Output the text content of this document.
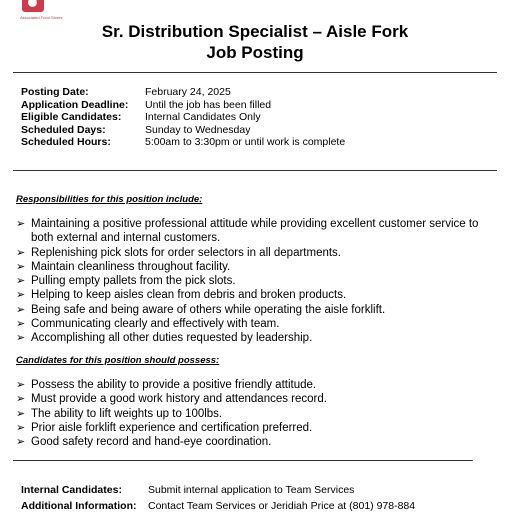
Associated Food Stores
Sr. Distribution Specialist – Aisle Fork
Job Posting
Posting Date:	February 24, 2025
Application Deadline:	Until the job has been filled
Eligible Candidates:	Internal Candidates Only
Scheduled Days:	Sunday to Wednesday
Scheduled Hours:	5:00am to 3:30pm or until work is complete
Responsibilities for this position include:
➢ Maintaining a positive professional attitude while providing excellent customer service to both external and internal customers.
➢ Replenishing pick slots for order selectors in all departments.
➢ Maintain cleanliness throughout facility.
➢ Pulling empty pallets from the pick slots.
➢ Helping to keep aisles clean from debris and broken products.
➢ Being safe and being aware of others while operating the aisle forklift.
➢ Communicating clearly and effectively with team.
➢ Accomplishing all other duties requested by leadership.
Candidates for this position should possess:
➢ Possess the ability to provide a positive friendly attitude.
➢ Must provide a good work history and attendances record.
➢ The ability to lift weights up to 100lbs.
➢ Prior aisle forklift experience and certification preferred.
➢ Good safety record and hand-eye coordination.
Internal Candidates:	Submit internal application to Team Services
Additional Information:	Contact Team Services or Jeridiah Price at (801) 978-884
